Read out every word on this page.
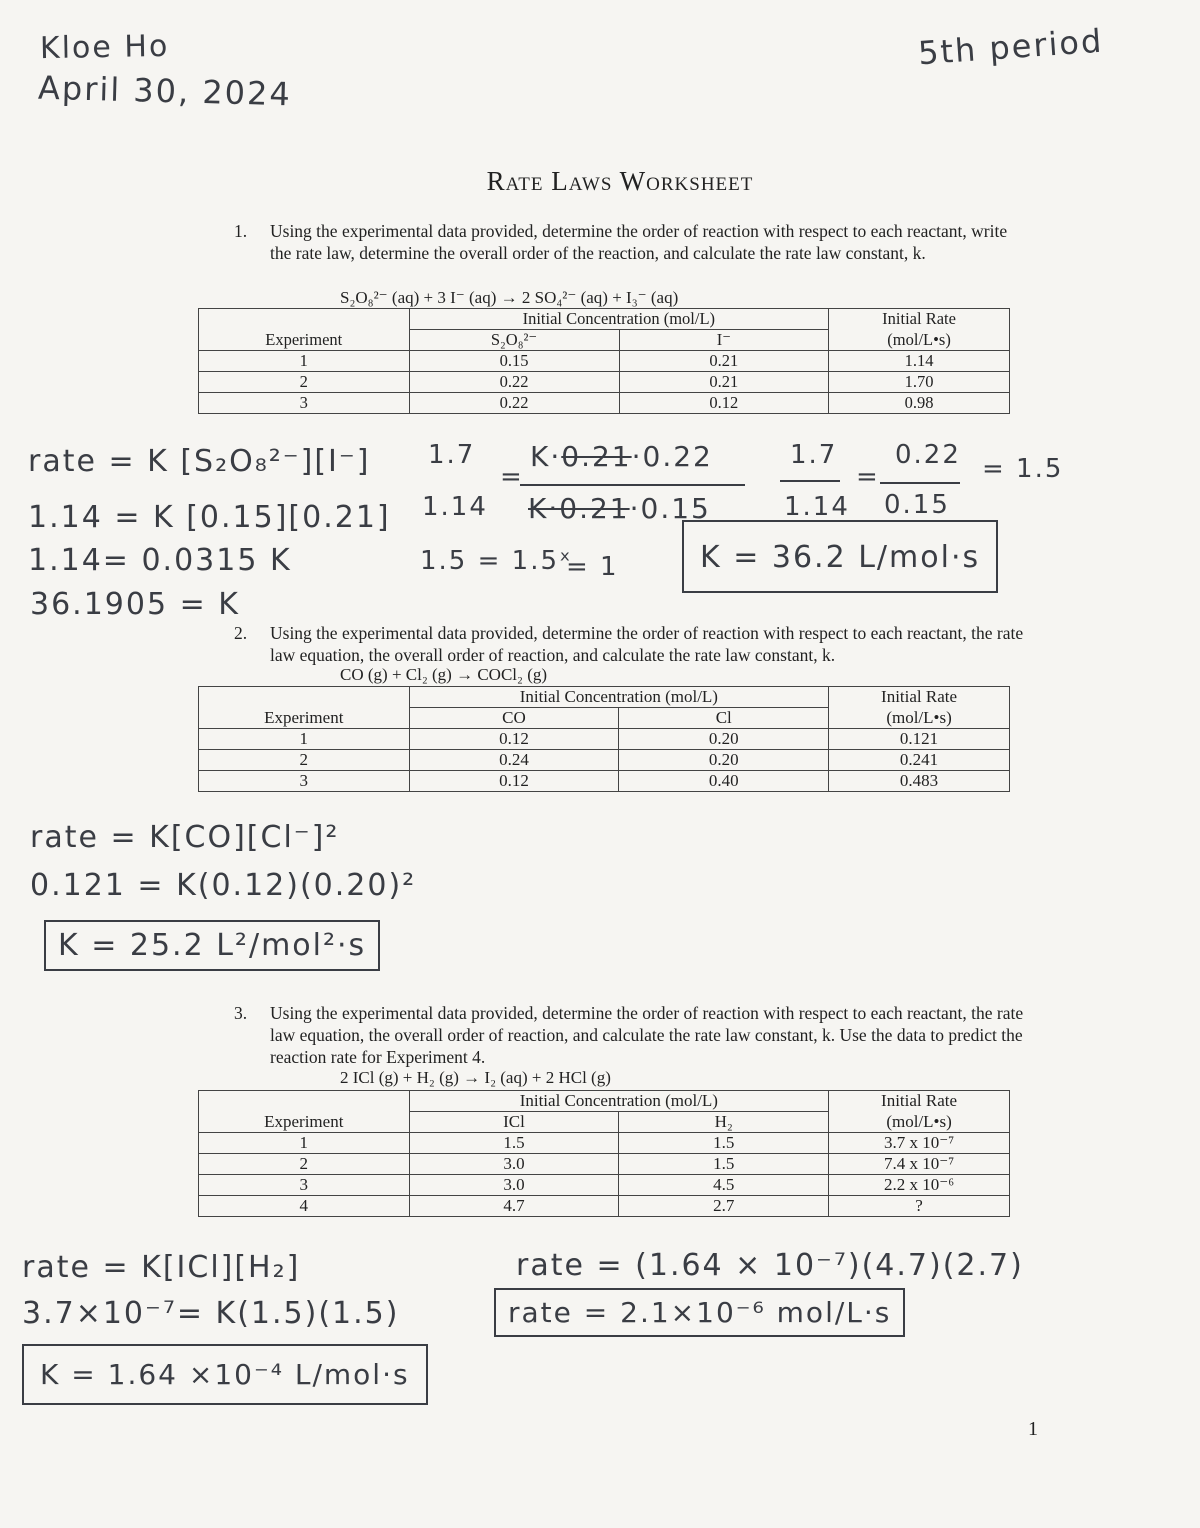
Kloe Ho
April 30, 2024
5th period
Rate Laws Worksheet
1. Using the experimental data provided, determine the order of reaction with respect to each reactant, write the rate law, determine the overall order of the reaction, and calculate the rate law constant, k.
S₂O₈²⁻ (aq) + 3 I⁻ (aq) → 2 SO₄²⁻ (aq) + I₃⁻ (aq)
	Initial Concentration (mol/L)		Initial Rate
Experiment	S₂O₈²⁻	I⁻	(mol/L•s)
1	0.15	0.21	1.14
2	0.22	0.21	1.70
3	0.22	0.12	0.98
rate = K [S₂O₈²⁻][I⁻]
1.14 = K [0.15][0.21]
1.14= 0.0315 K
36.1905 = K
1.7
1.14
=
K·0.21·0.22
K·0.21·0.15
1.7
1.14
=
0.22
0.15
= 1.5
1.5 = 1.5ˣ
= 1	K = 36.2 L/mol·s
2. Using the experimental data provided, determine the order of reaction with respect to each reactant, the rate law equation, the overall order of reaction, and calculate the rate law constant, k.
CO (g) + Cl₂ (g) → COCl₂ (g)
	Initial Concentration (mol/L)		Initial Rate
Experiment	CO	Cl	(mol/L•s)
1	0.12	0.20	0.121
2	0.24	0.20	0.241
3	0.12	0.40	0.483
rate = K[CO][Cl⁻]²
0.121 = K(0.12)(0.20)²
K = 25.2 L²/mol²·s
3. Using the experimental data provided, determine the order of reaction with respect to each reactant, the rate law equation, the overall order of reaction, and calculate the rate law constant, k. Use the data to predict the reaction rate for Experiment 4.
2 ICl (g) + H₂ (g) → I₂ (aq) + 2 HCl (g)
	Initial Concentration (mol/L)		Initial Rate
Experiment	ICl	H₂	(mol/L•s)
1	1.5	1.5	3.7 x 10⁻⁷
2	3.0	1.5	7.4 x 10⁻⁷
3	3.0	4.5	2.2 x 10⁻⁶
4	4.7	2.7	?
rate = K[ICl][H₂]
3.7×10⁻⁷= K(1.5)(1.5)
K = 1.64 ×10⁻⁴ L/mol·s
rate = (1.64 × 10⁻⁷)(4.7)(2.7)
rate = 2.1×10⁻⁶ mol/L·s
1
